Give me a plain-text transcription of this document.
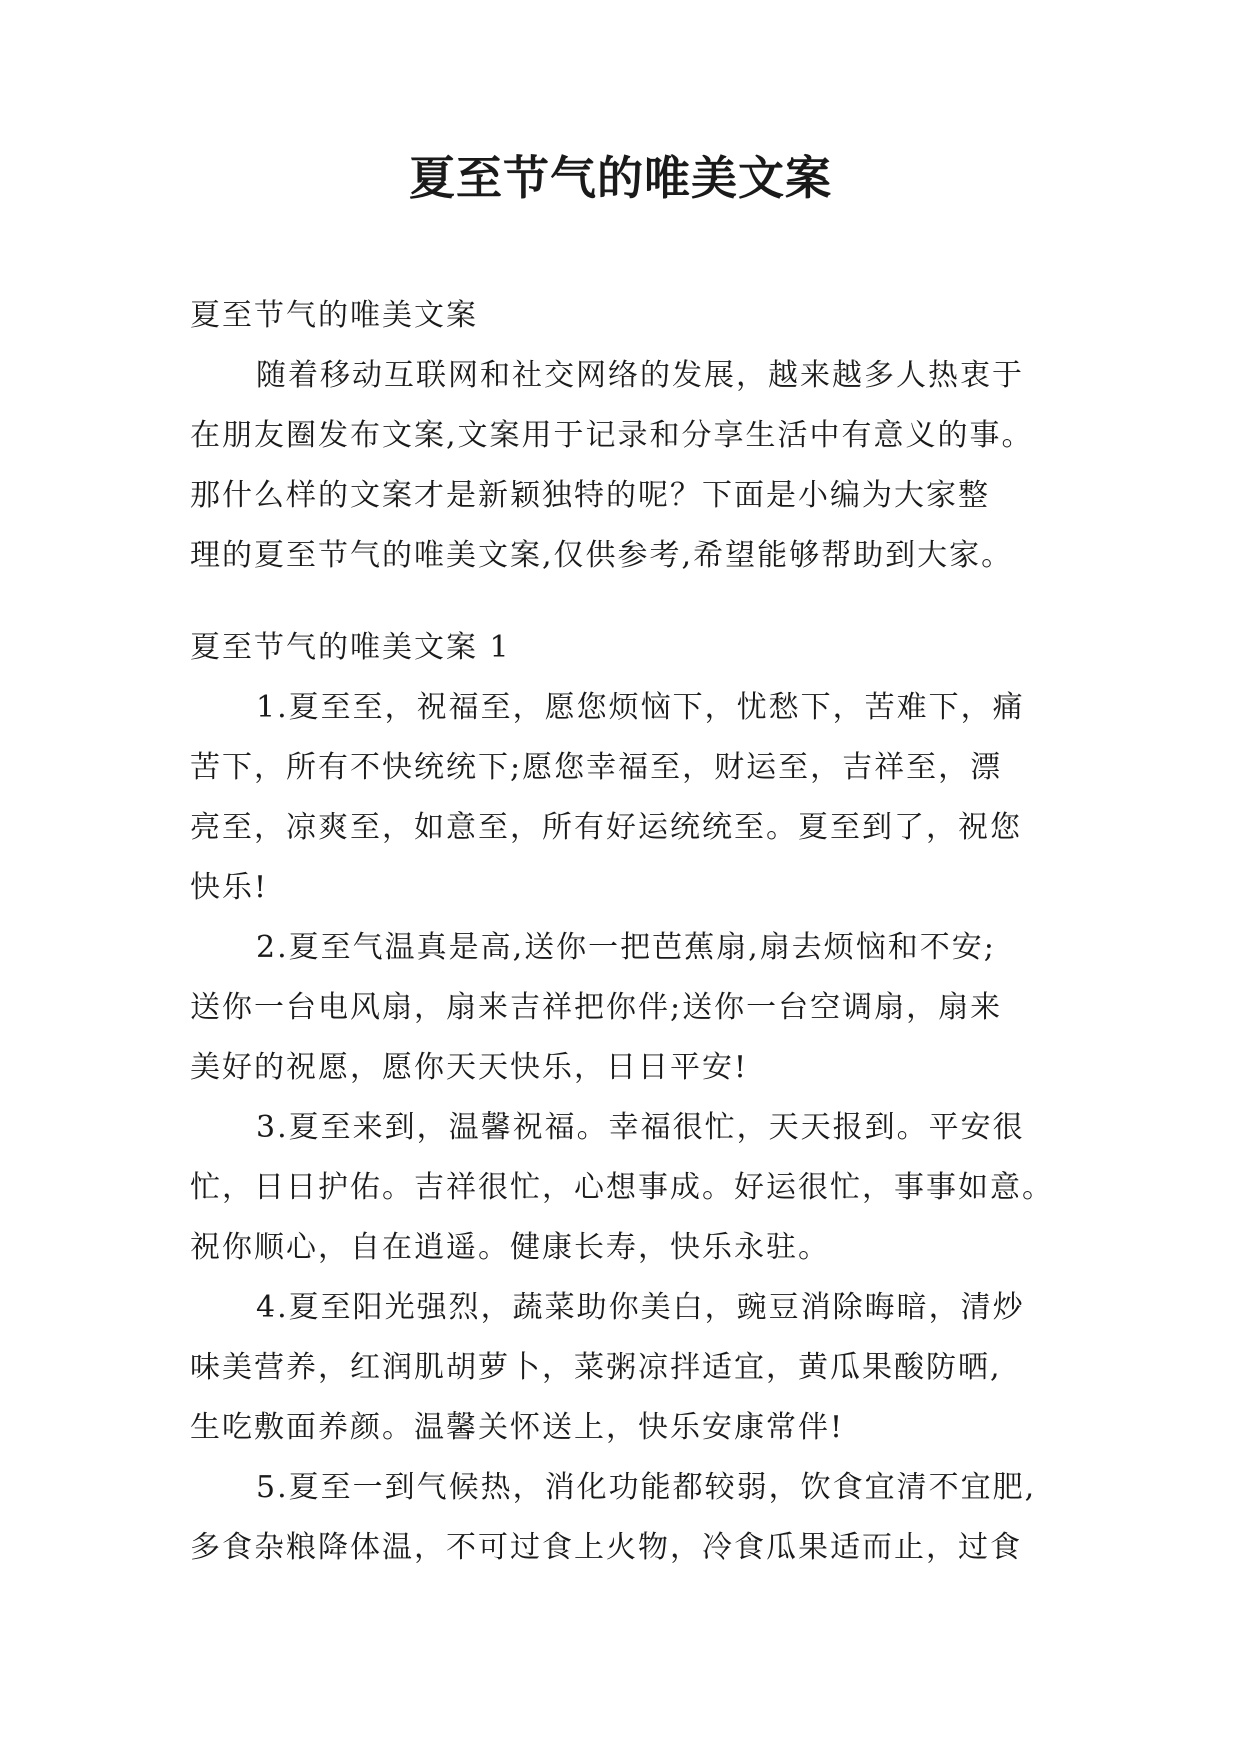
夏至节气的唯美文案
夏至节气的唯美文案
随着移动互联网和社交网络的发展，越来越多人热衷于
在朋友圈发布文案,文案用于记录和分享生活中有意义的事。
那什么样的文案才是新颖独特的呢？下面是小编为大家整
理的夏至节气的唯美文案,仅供参考,希望能够帮助到大家。
夏至节气的唯美文案 1
1.夏至至，祝福至，愿您烦恼下，忧愁下，苦难下，痛
苦下，所有不快统统下;愿您幸福至，财运至，吉祥至，漂
亮至，凉爽至，如意至，所有好运统统至。夏至到了，祝您
快乐!
2.夏至气温真是高,送你一把芭蕉扇,扇去烦恼和不安;
送你一台电风扇，扇来吉祥把你伴;送你一台空调扇，扇来
美好的祝愿，愿你天天快乐，日日平安!
3.夏至来到，温馨祝福。幸福很忙，天天报到。平安很
忙，日日护佑。吉祥很忙，心想事成。好运很忙，事事如意。
祝你顺心，自在逍遥。健康长寿，快乐永驻。
4.夏至阳光强烈，蔬菜助你美白，豌豆消除晦暗，清炒
味美营养，红润肌胡萝卜，菜粥凉拌适宜，黄瓜果酸防晒,
生吃敷面养颜。温馨关怀送上，快乐安康常伴!
5.夏至一到气候热，消化功能都较弱，饮食宜清不宜肥,
多食杂粮降体温，不可过食上火物，冷食瓜果适而止，过食
